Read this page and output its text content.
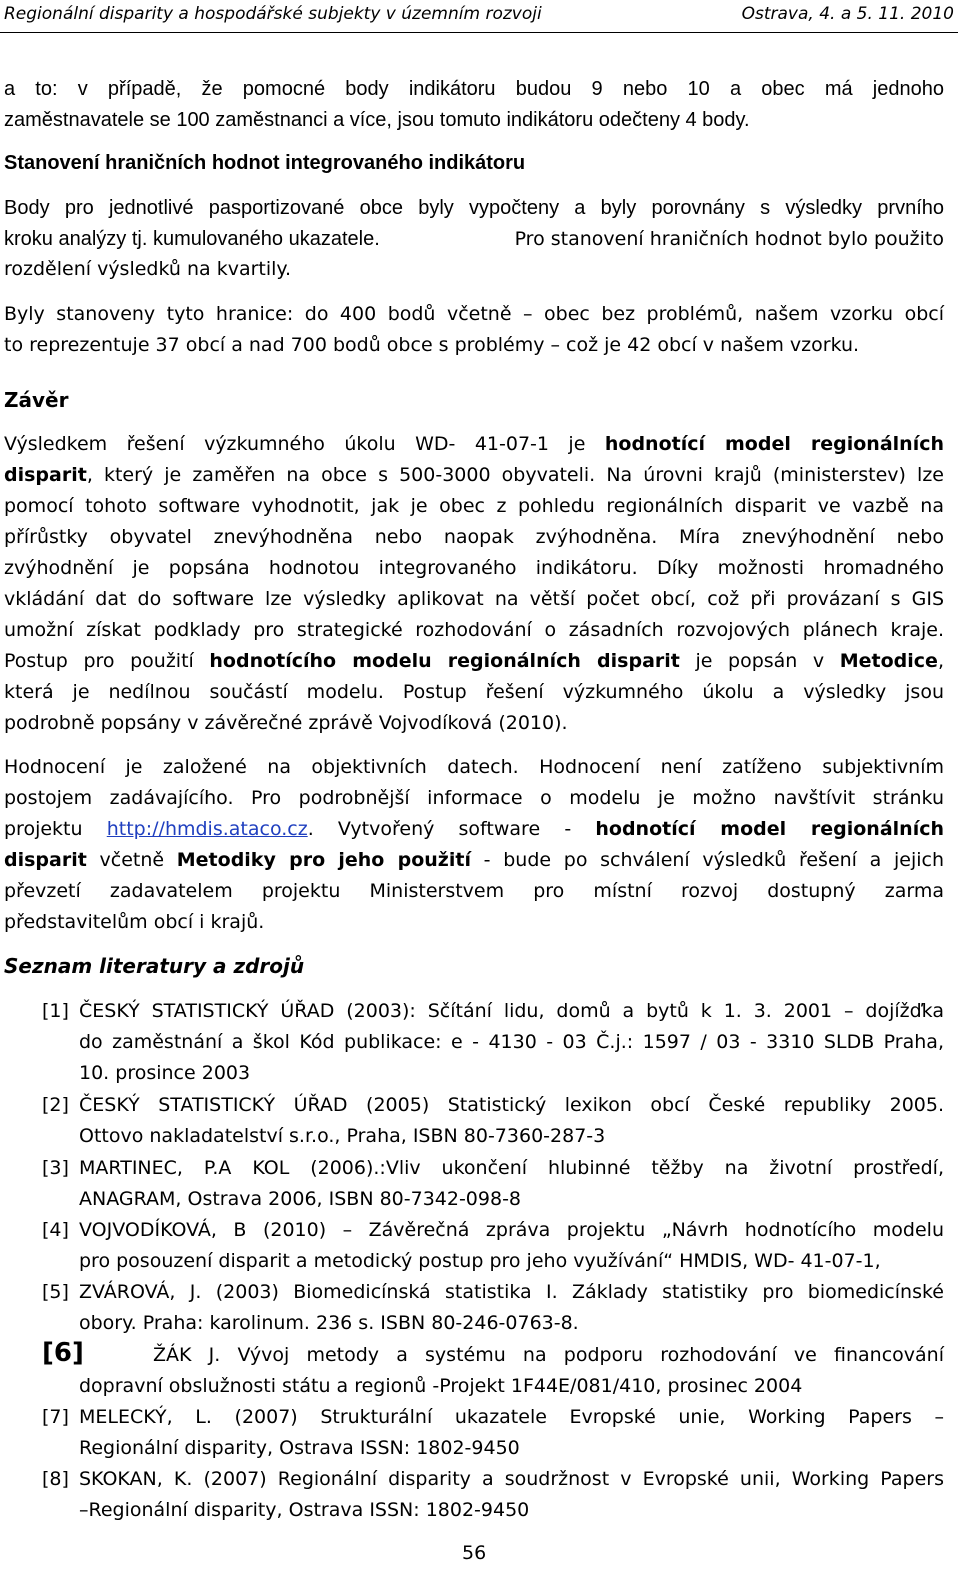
Regionální disparity a hospodářské subjekty v územním rozvoji	Ostrava, 4. a 5. 11. 2010
a to: v případě, že pomocné body indikátoru budou 9 nebo 10 a obec má jednoho
zaměstnavatele se 100 zaměstnanci a více, jsou tomuto indikátoru odečteny 4 body.
Stanovení hraničních hodnot integrovaného indikátoru
Body pro jednotlivé pasportizované obce byly vypočteny a byly porovnány s výsledky prvního
kroku analýzy tj. kumulovaného ukazatele.	Pro stanovení hraničních hodnot bylo použito
rozdělení výsledků na kvartily.
Byly stanoveny tyto hranice: do 400 bodů včetně – obec bez problémů, našem vzorku obcí
to reprezentuje 37 obcí a nad 700 bodů obce s problémy – což je 42 obcí v našem vzorku.
Závěr
Výsledkem řešení výzkumného úkolu WD- 41-07-1 je hodnotící model regionálních
disparit, který je zaměřen na obce s 500-3000 obyvateli. Na úrovni krajů (ministerstev) lze
pomocí tohoto software vyhodnotit, jak je obec z pohledu regionálních disparit ve vazbě na
přírůstky obyvatel znevýhodněna nebo naopak zvýhodněna. Míra znevýhodnění nebo
zvýhodnění je popsána hodnotou integrovaného indikátoru. Díky možnosti hromadného
vkládání dat do software lze výsledky aplikovat na větší počet obcí, což při provázaní s GIS
umožní získat podklady pro strategické rozhodování o zásadních rozvojových plánech kraje.
Postup pro použití hodnotícího modelu regionálních disparit je popsán v Metodice,
která je nedílnou součástí modelu. Postup řešení výzkumného úkolu a výsledky jsou
podrobně popsány v závěrečné zprávě Vojvodíková (2010).
Hodnocení je založené na objektivních datech. Hodnocení není zatíženo subjektivním
postojem zadávajícího. Pro podrobnější informace o modelu je možno navštívit stránku
projektu http://hmdis.ataco.cz. Vytvořený software - hodnotící model regionálních
disparit včetně Metodiky pro jeho použití - bude po schválení výsledků řešení a jejich
převzetí zadavatelem projektu Ministerstvem pro místní rozvoj dostupný zarma
představitelům obcí i krajů.
Seznam literatury a zdrojů
[1] ČESKÝ STATISTICKÝ ÚŘAD (2003): Sčítání lidu, domů a bytů k 1. 3. 2001 – dojížďka
do zaměstnání a škol Kód publikace: e - 4130 - 03 Č.j.: 1597 / 03 - 3310 SLDB Praha,
10. prosince 2003
[2] ČESKÝ STATISTICKÝ ÚŘAD (2005) Statistický lexikon obcí České republiky 2005.
Ottovo nakladatelství s.r.o., Praha, ISBN 80-7360-287-3
[3] MARTINEC, P.A KOL (2006).:Vliv ukončení hlubinné těžby na životní prostředí,
ANAGRAM, Ostrava 2006, ISBN 80-7342-098-8
[4] VOJVODÍKOVÁ, B (2010) – Závěrečná zpráva projektu „Návrh hodnotícího modelu
pro posouzení disparit a metodický postup pro jeho využívání“ HMDIS, WD- 41-07-1,
[5] ZVÁROVÁ, J. (2003) Biomedicínská statistika I. Základy statistiky pro biomedicínské
obory. Praha: karolinum. 236 s. ISBN 80-246-0763-8.
[6]	ŽÁK J. Vývoj metody a systému na podporu rozhodování ve financování
dopravní obslužnosti státu a regionů -Projekt 1F44E/081/410, prosinec 2004
[7] MELECKÝ, L. (2007) Strukturální ukazatele Evropské unie, Working Papers –
Regionální disparity, Ostrava ISSN: 1802-9450
[8] SKOKAN, K. (2007) Regionální disparity a soudržnost v Evropské unii, Working Papers
–Regionální disparity, Ostrava ISSN: 1802-9450
56
